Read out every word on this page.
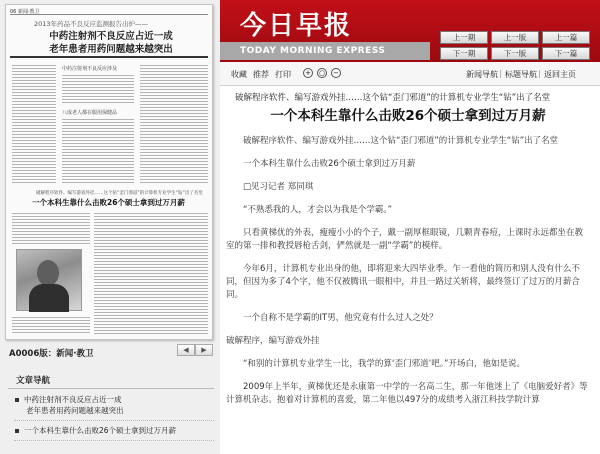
06 新闻·教卫
2013年药品不良反应监测报告出炉——
中药注射剂不良反应占近一成
老年患者用药问题越来越突出
中药注射剂不良反应涉及
八成老人都在服用保健品
破解程序软件、编写游戏外挂……这个钻“歪门邪道”的计算机专业学生“钻”出了名堂
一个本科生靠什么击败26个硕士拿到过万月薪
A0006版：新闻·教卫	◀	▶
文章导航
中药注射剂不良反应占近一成
老年患者用药问题越来越突出
一个本科生靠什么击败26个硕士拿到过万月薪
今日早报
TODAY MORNING EXPRESS
上一期	上一版	上一篇
下一期	下一版	下一篇
收藏 推荐 打印 + ○ −	新闻导航 | 标题导航 | 返回主页
破解程序软件、编写游戏外挂……这个钻“歪门邪道”的计算机专业学生“钻”出了名堂
一个本科生靠什么击败26个硕士拿到过万月薪

破解程序软件、编写游戏外挂……这个钻“歪门邪道”的计算机专业学生“钻”出了名堂

一个本科生靠什么击败26个硕士拿到过万月薪

□见习记者 郑同琪

“不熟悉我的人，才会以为我是个学霸。”

只看黄梯优的外表，瘦瘦小小的个子，戴一副厚框眼镜，几颗青春痘，上课时永远都坐在教室的第一排和教授唇枪舌剑，俨然就是一副“学霸”的模样。

今年6月，计算机专业出身的他，即将迎来大四毕业季。乍一看他的简历和别人没有什么不同，但因为多了4个字，他不仅被腾讯一眼相中，并且一路过关斩将，最终签订了过万的月薪合同。

一个自称不是学霸的IT男，他究竟有什么过人之处？

破解程序，编写游戏外挂

“和别的计算机专业学生一比，我学的算‘歪门邪道’吧。”开场白，他如是说。

2009年上半年，黄梯优还是永康第一中学的一名高二生，那一年他迷上了《电脑爱好者》等计算机杂志。抱着对计算机的喜爱，第二年他以497分的成绩考入浙江科技学院计算
